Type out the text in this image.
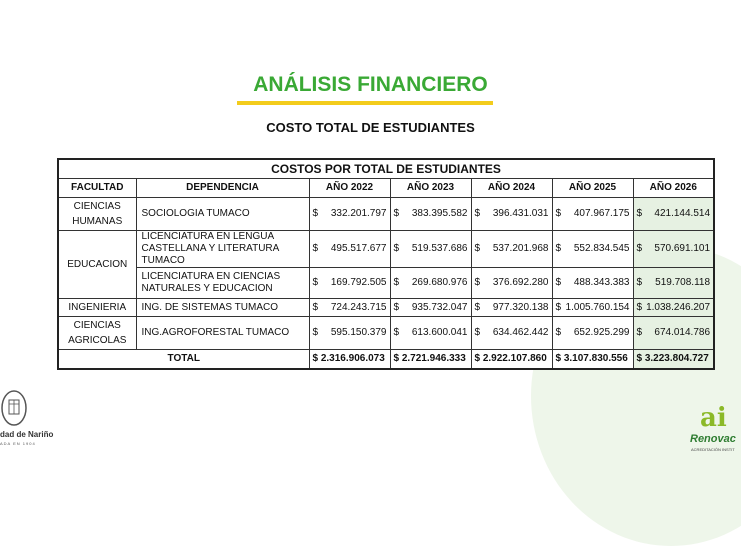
ANÁLISIS FINANCIERO
COSTO TOTAL DE ESTUDIANTES
COSTOS POR TOTAL DE ESTUDIANTES						
FACULTAD	DEPENDENCIA	AÑO 2022	AÑO 2023	AÑO 2024	AÑO 2025	AÑO 2026
CIENCIAS HUMANAS	SOCIOLOGIA TUMACO	$ 332.201.797	$ 383.395.582	$ 396.431.031	$ 407.967.175	$ 421.144.514

EDUCACION	LICENCIATURA EN LENGUA CASTELLANA Y LITERATURA TUMACO	$ 495.517.677	$ 519.537.686	$ 537.201.968	$ 552.834.545	$ 570.691.101

	LICENCIATURA EN CIENCIAS NATURALES Y EDUCACION	$ 169.792.505	$ 269.680.976	$ 376.692.280	$ 488.343.383	$ 519.708.118

INGENIERIA	ING. DE SISTEMAS TUMACO	$ 724.243.715	$ 935.732.047	$ 977.320.138	$ 1.005.760.154	$ 1.038.246.207

CIENCIAS AGRICOLAS	ING.AGROFORESTAL TUMACO	$ 595.150.379	$ 613.600.041	$ 634.462.442	$ 652.925.299	$ 674.014.786

TOTAL		$ 2.316.906.073	$ 2.721.946.333	$ 2.922.107.860	$ 3.107.830.556	$ 3.223.804.727
dad de Nariño
ADA EN 1904
ai
Renovac
ACREDITACIÓN INSTIT
